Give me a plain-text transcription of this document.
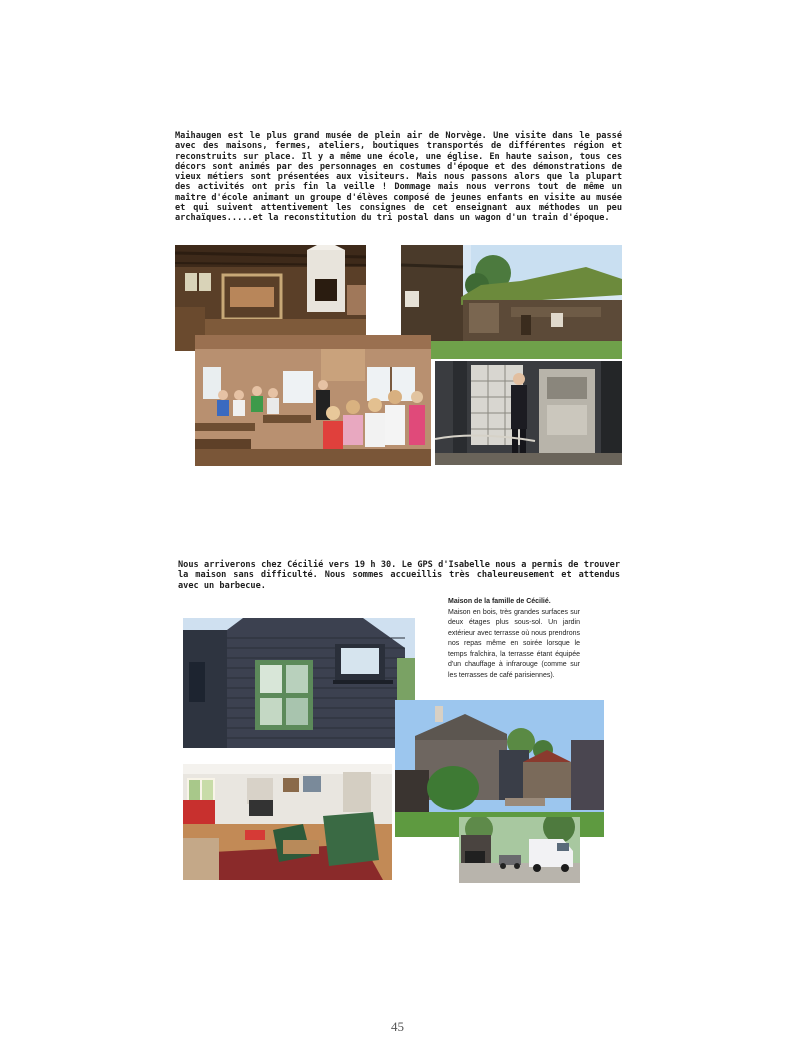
Maihaugen est le plus grand musée de plein air de Norvège. Une visite dans le passé avec des maisons, fermes, ateliers, boutiques transportés de différentes région et reconstruits sur place. Il y a même une école, une église. En haute saison, tous ces décors sont animés par des personnages en costumes d'époque et des démonstrations de vieux métiers sont présentées aux visiteurs. Mais nous passons alors que la plupart des activités ont pris fin la veille ! Dommage mais nous verrons tout de même un maître d'école animant un groupe d'élèves composé de jeunes enfants en visite au musée et qui suivent attentivement les consignes de cet enseignant aux méthodes un peu archaïques.....et la reconstitution du tri postal dans un wagon d'un train d'époque.

Nous arriverons chez Cécilié vers 19 h 30. Le GPS d'Isabelle nous a permis de trouver la maison sans difficulté. Nous sommes accueillis très chaleureusement et attendus avec un barbecue.

Maison de la famille de Cécilié.
Maison en bois, très grandes surfaces sur deux étages plus sous-sol. Un jardin extérieur avec terrasse où nous prendrons nos repas même en soirée lorsque le temps fraîchira, la terrasse étant équipée d'un chauffage à infrarouge (comme sur les terrasses de café parisiennes).
45
